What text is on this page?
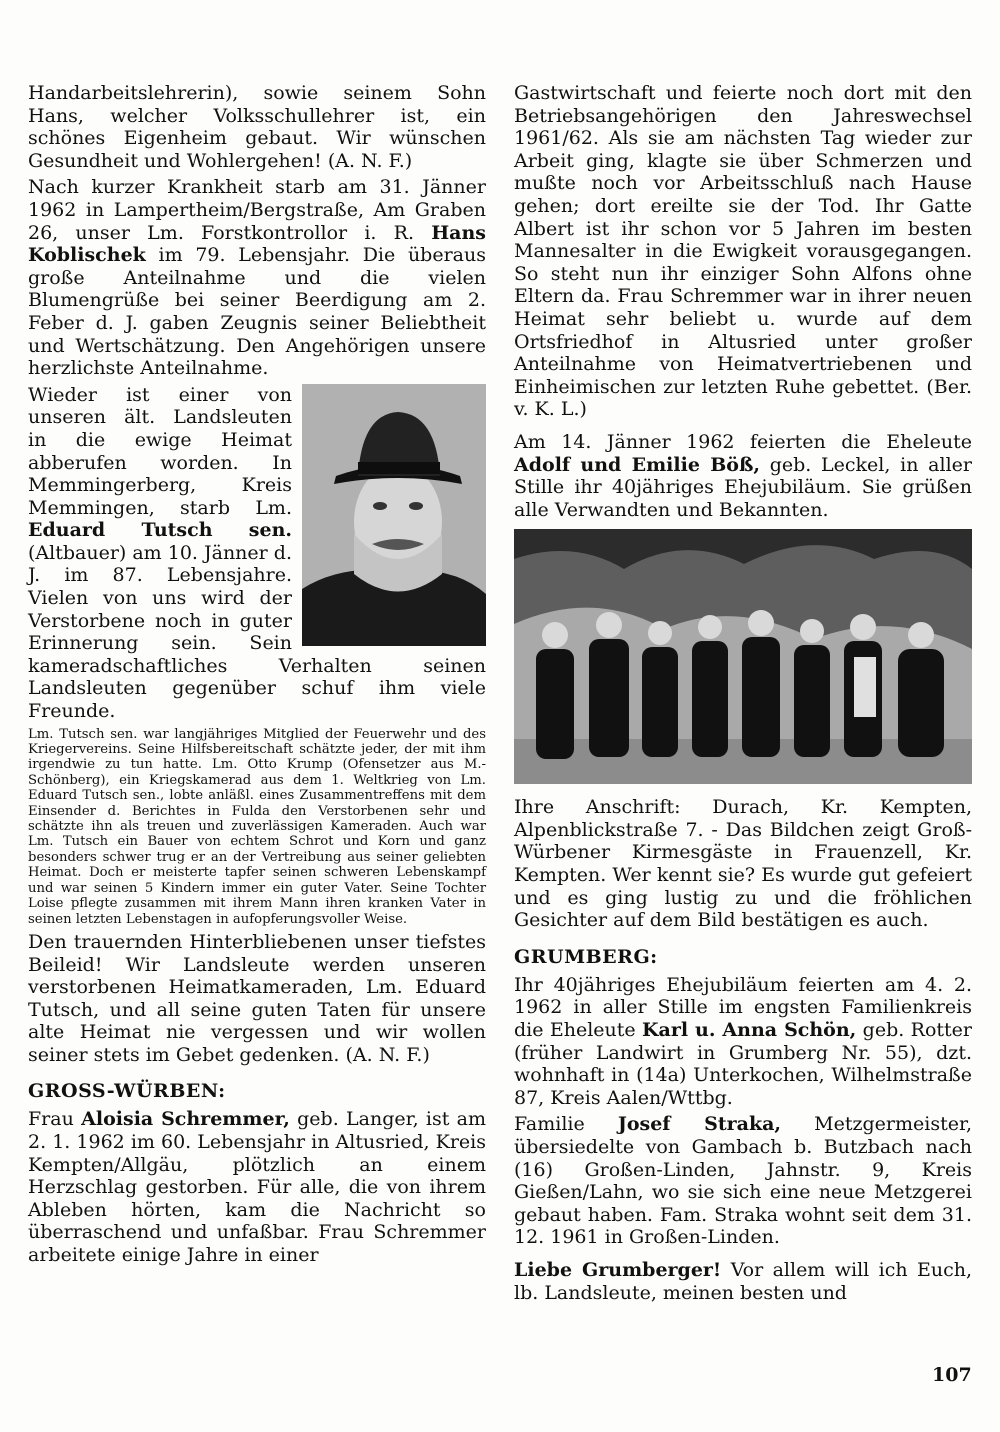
Handarbeitslehrerin), sowie seinem Sohn Hans, welcher Volksschullehrer ist, ein schönes Eigenheim gebaut. Wir wünschen Gesundheit und Wohlergehen! (A. N. F.)

Nach kurzer Krankheit starb am 31. Jänner 1962 in Lampertheim/Bergstraße, Am Graben 26, unser Lm. Forstkontrollor i. R. Hans Koblischek im 79. Lebensjahr. Die überaus große Anteilnahme und die vielen Blumengrüße bei seiner Beerdigung am 2. Feber d. J. gaben Zeugnis seiner Beliebtheit und Wertschätzung. Den Angehörigen unsere herzlichste Anteilnahme.

Wieder ist einer von unseren ält. Landsleuten in die ewige Heimat abberufen worden. In Memmingerberg, Kreis Memmingen, starb Lm. Eduard Tutsch sen. (Altbauer) am 10. Jänner d. J. im 87. Lebensjahre. Vielen von uns wird der Verstorbene noch in guter Erinnerung sein. Sein kameradschaftliches Verhalten seinen Landsleuten gegenüber schuf ihm viele Freunde.

Lm. Tutsch sen. war langjähriges Mitglied der Feuerwehr und des Kriegervereins. Seine Hilfsbereitschaft schätzte jeder, der mit ihm irgendwie zu tun hatte. Lm. Otto Krump (Ofensetzer aus M.-Schönberg), ein Kriegskamerad aus dem 1. Weltkrieg von Lm. Eduard Tutsch sen., lobte anläßl. eines Zusammentreffens mit dem Einsender d. Berichtes in Fulda den Verstorbenen sehr und schätzte ihn als treuen und zuverlässigen Kameraden. Auch war Lm. Tutsch ein Bauer von echtem Schrot und Korn und ganz besonders schwer trug er an der Vertreibung aus seiner geliebten Heimat. Doch er meisterte tapfer seinen schweren Lebenskampf und war seinen 5 Kindern immer ein guter Vater. Seine Tochter Loise pflegte zusammen mit ihrem Mann ihren kranken Vater in seinen letzten Lebenstagen in aufopferungsvoller Weise.

Den trauernden Hinterbliebenen unser tiefstes Beileid! Wir Landsleute werden unseren verstorbenen Heimatkameraden, Lm. Eduard Tutsch, und all seine guten Taten für unsere alte Heimat nie vergessen und wir wollen seiner stets im Gebet gedenken. (A. N. F.)

GROSS-WÜRBEN:

Frau Aloisia Schremmer, geb. Langer, ist am 2. 1. 1962 im 60. Lebensjahr in Altusried, Kreis Kempten/Allgäu, plötzlich an einem Herzschlag gestorben. Für alle, die von ihrem Ableben hörten, kam die Nachricht so überraschend und unfaßbar. Frau Schremmer arbeitete einige Jahre in einer

Gastwirtschaft und feierte noch dort mit den Betriebsangehörigen den Jahreswechsel 1961/62. Als sie am nächsten Tag wieder zur Arbeit ging, klagte sie über Schmerzen und mußte noch vor Arbeitsschluß nach Hause gehen; dort ereilte sie der Tod. Ihr Gatte Albert ist ihr schon vor 5 Jahren im besten Mannesalter in die Ewigkeit vorausgegangen. So steht nun ihr einziger Sohn Alfons ohne Eltern da. Frau Schremmer war in ihrer neuen Heimat sehr beliebt u. wurde auf dem Ortsfriedhof in Altusried unter großer Anteilnahme von Heimatvertriebenen und Einheimischen zur letzten Ruhe gebettet. (Ber. v. K. L.)

Am 14. Jänner 1962 feierten die Eheleute Adolf und Emilie Böß, geb. Leckel, in aller Stille ihr 40jähriges Ehejubiläum. Sie grüßen alle Verwandten und Bekannten.

Ihre Anschrift: Durach, Kr. Kempten, Alpenblickstraße 7. - Das Bildchen zeigt Groß-Würbener Kirmesgäste in Frauenzell, Kr. Kempten. Wer kennt sie? Es wurde gut gefeiert und es ging lustig zu und die fröhlichen Gesichter auf dem Bild bestätigen es auch.

GRUMBERG:

Ihr 40jähriges Ehejubiläum feierten am 4. 2. 1962 in aller Stille im engsten Familienkreis die Eheleute Karl u. Anna Schön, geb. Rotter (früher Landwirt in Grumberg Nr. 55), dzt. wohnhaft in (14a) Unterkochen, Wilhelmstraße 87, Kreis Aalen/Wttbg.

Familie Josef Straka, Metzgermeister, übersiedelte von Gambach b. Butzbach nach (16) Großen-Linden, Jahnstr. 9, Kreis Gießen/Lahn, wo sie sich eine neue Metzgerei gebaut haben. Fam. Straka wohnt seit dem 31. 12. 1961 in Großen-Linden.

Liebe Grumberger! Vor allem will ich Euch, lb. Landsleute, meinen besten und

107
